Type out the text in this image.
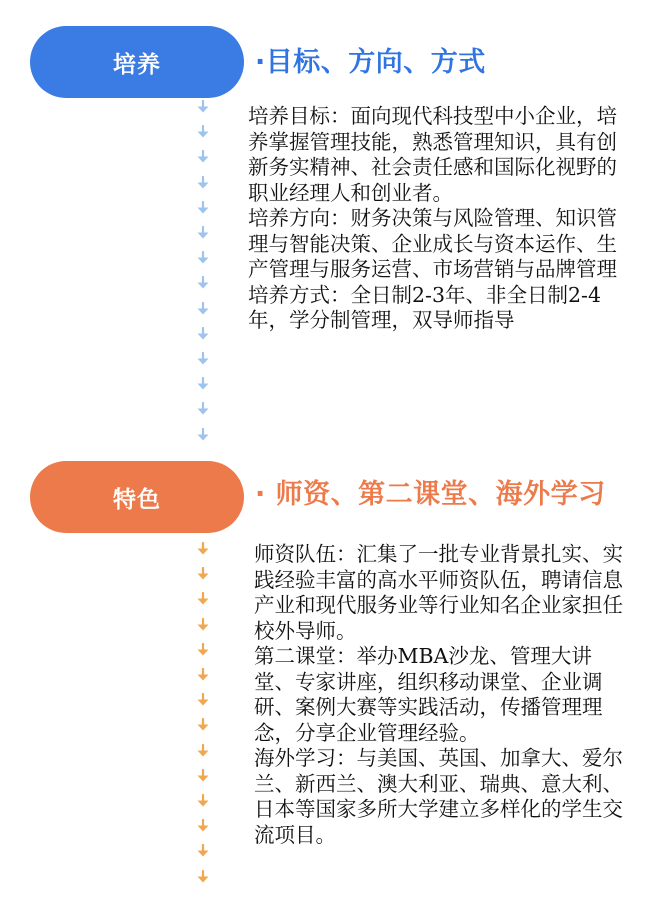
培养	·目标、方向、方式

培养目标：面向现代科技型中小企业，培养掌握管理技能，熟悉管理知识，具有创新务实精神、社会责任感和国际化视野的职业经理人和创业者。

培养方向：财务决策与风险管理、知识管理与智能决策、企业成长与资本运作、生产管理与服务运营、市场营销与品牌管理

培养方式：全日制2-3年、非全日制2-4年，学分制管理，双导师指导

特色	· 师资、第二课堂、海外学习

师资队伍：汇集了一批专业背景扎实、实践经验丰富的高水平师资队伍，聘请信息产业和现代服务业等行业知名企业家担任校外导师。

第二课堂：举办MBA沙龙、管理大讲堂、专家讲座，组织移动课堂、企业调研、案例大赛等实践活动，传播管理理念，分享企业管理经验。

海外学习：与美国、英国、加拿大、爱尔兰、新西兰、澳大利亚、瑞典、意大利、日本等国家多所大学建立多样化的学生交流项目。
